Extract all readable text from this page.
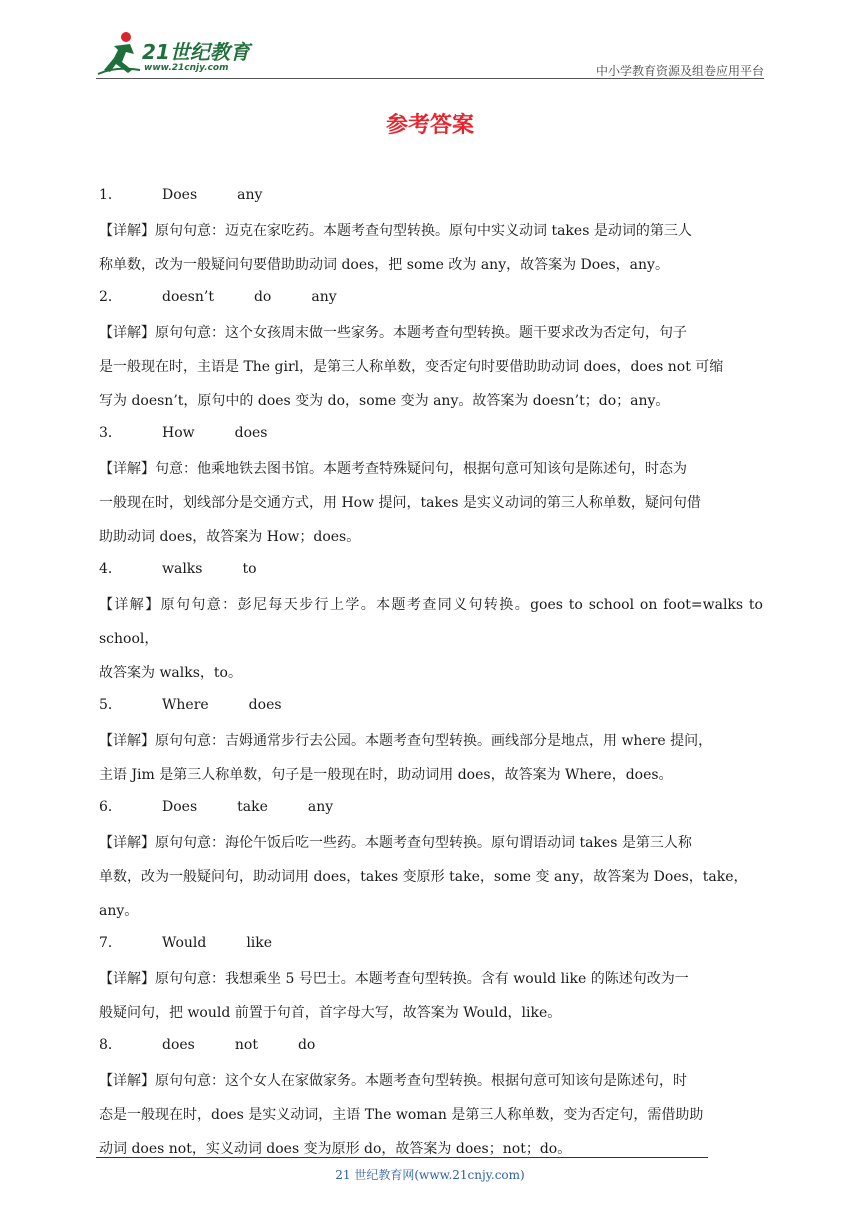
21世纪教育
www.21cnjy.com	中小学教育资源及组卷应用平台
参考答案
1．	Does	any
【详解】原句句意：迈克在家吃药。本题考查句型转换。原句中实义动词 takes 是动词的第三人
称单数，改为一般疑问句要借助助动词 does，把 some 改为 any，故答案为 Does，any。
2．	doesn’t	do	any
【详解】原句句意：这个女孩周末做一些家务。本题考查句型转换。题干要求改为否定句，句子
是一般现在时，主语是 The girl，是第三人称单数，变否定句时要借助助动词 does，does not 可缩
写为 doesn’t，原句中的 does 变为 do，some 变为 any。故答案为 doesn’t；do；any。
3．	How	does
【详解】句意：他乘地铁去图书馆。本题考查特殊疑问句，根据句意可知该句是陈述句，时态为
一般现在时，划线部分是交通方式，用 How 提问，takes 是实义动词的第三人称单数，疑问句借
助助动词 does，故答案为 How；does。
4．	walks	to
【详解】原句句意：彭尼每天步行上学。本题考查同义句转换。goes to school on foot=walks to school，
故答案为 walks，to。
5．	Where	does
【详解】原句句意：吉姆通常步行去公园。本题考查句型转换。画线部分是地点，用 where 提问，
主语 Jim 是第三人称单数，句子是一般现在时，助动词用 does，故答案为 Where，does。
6．	Does	take	any
【详解】原句句意：海伦午饭后吃一些药。本题考查句型转换。原句谓语动词 takes 是第三人称
单数，改为一般疑问句，助动词用 does，takes 变原形 take，some 变 any，故答案为 Does，take，
any。
7．	Would	like
【详解】原句句意：我想乘坐 5 号巴士。本题考查句型转换。含有 would like 的陈述句改为一
般疑问句，把 would 前置于句首，首字母大写，故答案为 Would，like。
8．	does	not	do
【详解】原句句意：这个女人在家做家务。本题考查句型转换。根据句意可知该句是陈述句，时
态是一般现在时，does 是实义动词，主语 The woman 是第三人称单数，变为否定句，需借助助
动词 does not，实义动词 does 变为原形 do，故答案为 does；not；do。
21 世纪教育网(www.21cnjy.com)
